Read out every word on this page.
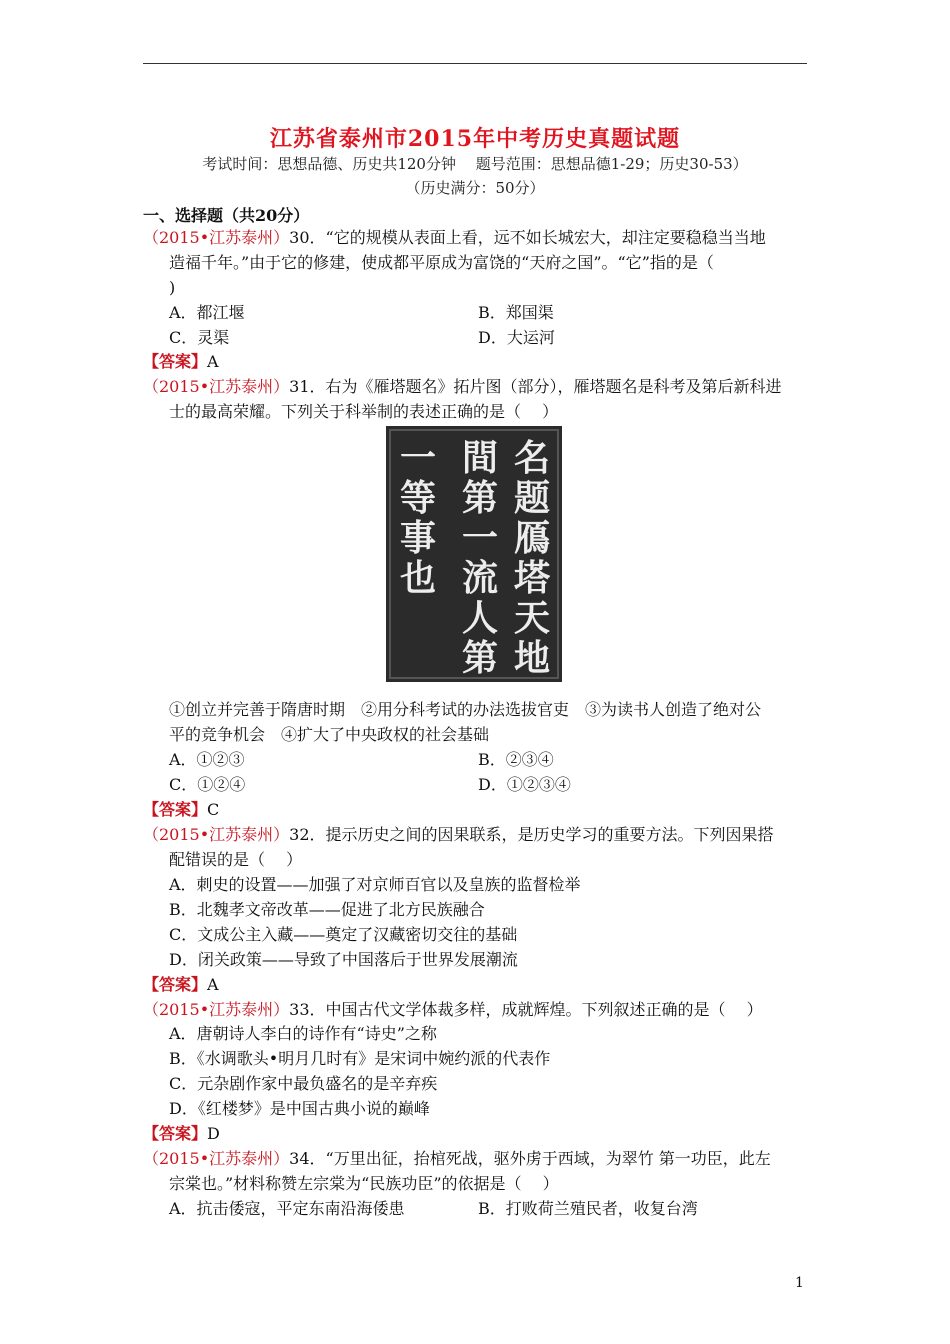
江苏省泰州市2015年中考历史真题试题
考试时间：思想品德、历史共120分钟　 题号范围：思想品德1-29；历史30-53）
（历史满分：50分）
一、选择题（共20分）
（2015•江苏泰州）30．“它的规模从表面上看，远不如长城宏大，却注定要稳稳当当地
造福千年。”由于它的修建，使成都平原成为富饶的“天府之国”。“它”指的是（
)
A．都江堰	B．郑国渠
C．灵渠	D．大运河
【答案】A
（2015•江苏泰州）31．右为《雁塔题名》拓片图（部分），雁塔题名是科考及第后新科进
士的最高荣耀。下列关于科举制的表述正确的是（　 ）
名题鴈塔天地
間第一流人第
一等事也
①创立并完善于隋唐时期　②用分科考试的办法选拔官吏　③为读书人创造了绝对公
平的竞争机会　④扩大了中央政权的社会基础
A．①②③	B．②③④
C．①②④	D．①②③④
【答案】C
（2015•江苏泰州）32．提示历史之间的因果联系，是历史学习的重要方法。下列因果搭
配错误的是（　 ）
A．刺史的设置——加强了对京师百官以及皇族的监督检举
B．北魏孝文帝改革——促进了北方民族融合
C．文成公主入藏——奠定了汉藏密切交往的基础
D．闭关政策——导致了中国落后于世界发展潮流
【答案】A
（2015•江苏泰州）33．中国古代文学体裁多样，成就辉煌。下列叙述正确的是（　 ）
A．唐朝诗人李白的诗作有“诗史”之称
B．《水调歌头•明月几时有》是宋词中婉约派的代表作
C．元杂剧作家中最负盛名的是辛弃疾
D．《红楼梦》是中国古典小说的巅峰
【答案】D
（2015•江苏泰州）34．“万里出征，抬棺死战，驱外虏于西域，为翠竹 第一功臣，此左
宗棠也。”材料称赞左宗棠为“民族功臣”的依据是（　 ）
A．抗击倭寇，平定东南沿海倭患	B．打败荷兰殖民者，收复台湾
1
